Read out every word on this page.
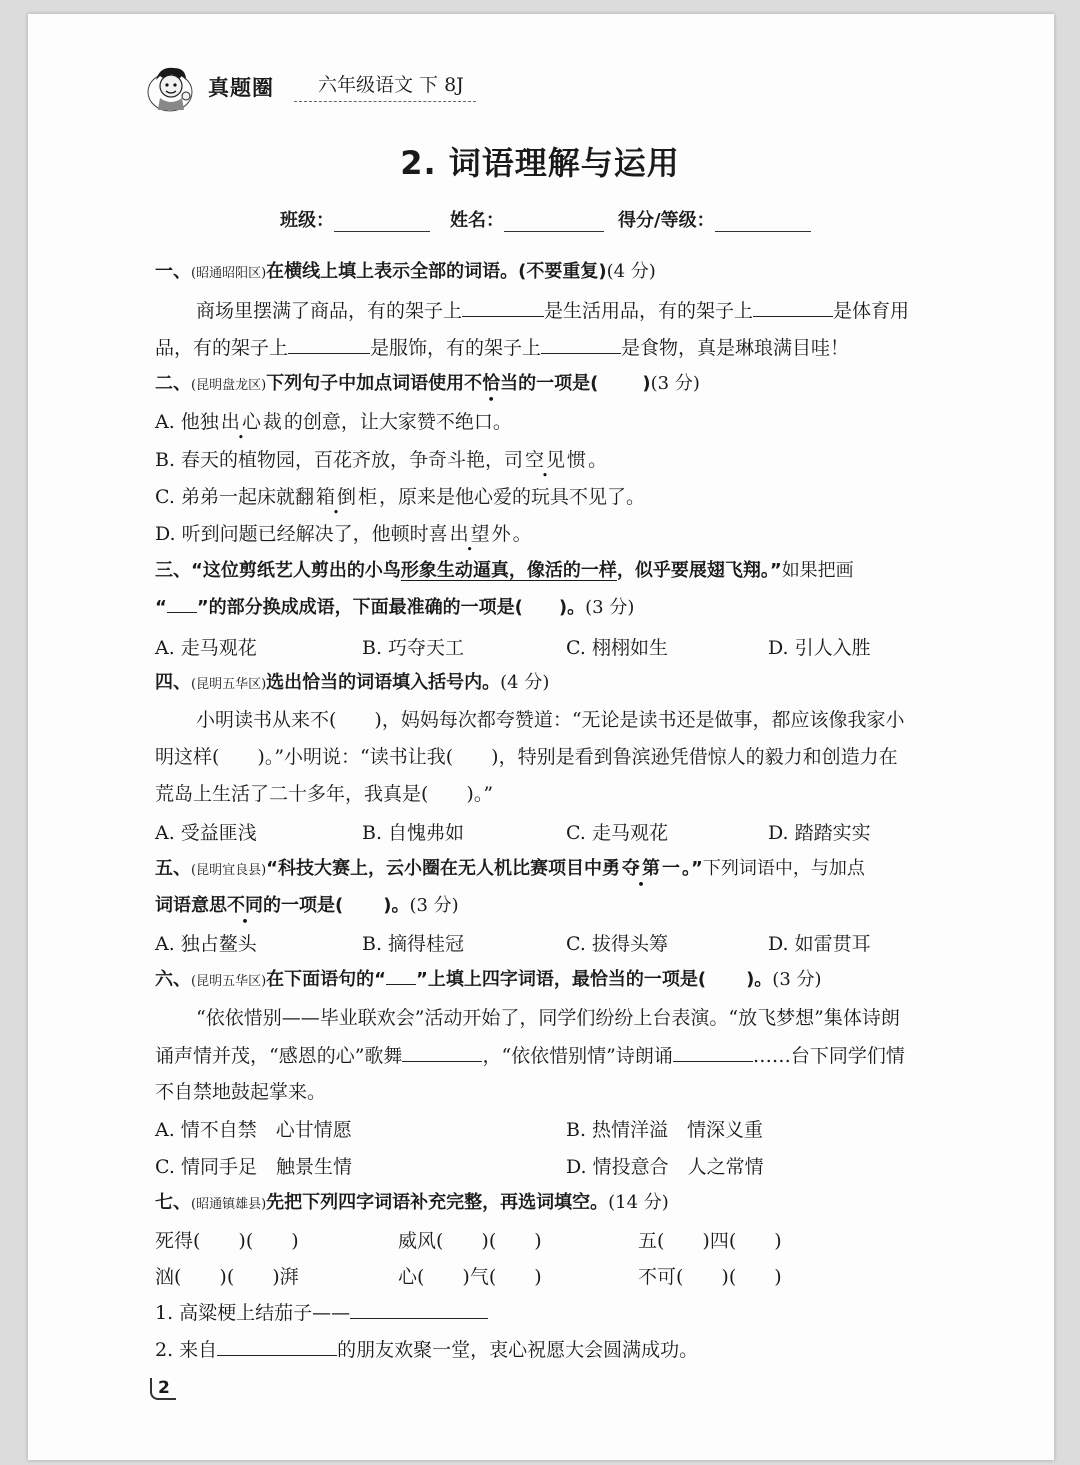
真题圈	六年级语文 下 8J
2. 词语理解与运用
班级：	姓名：	得分/等级：
一、(昭通昭阳区)在横线上填上表示全部的词语。(不要重复)(4 分)
商场里摆满了商品，有的架子上	是生活用品，有的架子上	是体育用
品，有的架子上	是服饰，有的架子上	是食物，真是琳琅满目哇！
二、(昆明盘龙区)下列句子中加点词语使用不恰当的一项是( )(3 分)
A. 他独出心裁的创意，让大家赞不绝口。
B. 春天的植物园，百花齐放，争奇斗艳，司空见惯。
C. 弟弟一起床就翻箱倒柜，原来是他心爱的玩具不见了。
D. 听到问题已经解决了，他顿时喜出望外。
三、“这位剪纸艺人剪出的小鸟形象生动逼真，像活的一样，似乎要展翅飞翔。”如果把画
“ ”的部分换成成语，下面最准确的一项是( )。(3 分)
A. 走马观花	B. 巧夺天工	C. 栩栩如生	D. 引人入胜
四、(昆明五华区)选出恰当的词语填入括号内。(4 分)
小明读书从来不(　　)，妈妈每次都夸赞道：“无论是读书还是做事，都应该像我家小
明这样(　　)。”小明说：“读书让我(　　)，特别是看到鲁滨逊凭借惊人的毅力和创造力在
荒岛上生活了二十多年，我真是(　　)。”
A. 受益匪浅	B. 自愧弗如	C. 走马观花	D. 踏踏实实
五、(昆明宜良县)“科技大赛上，云小圈在无人机比赛项目中勇夺第一。”下列词语中，与加点
词语意思不同的一项是( )。(3 分)
A. 独占鳌头	B. 摘得桂冠	C. 拔得头筹	D. 如雷贯耳
六、(昆明五华区)在下面语句的“ ”上填上四字词语，最恰当的一项是( )。(3 分)
“依依惜别——毕业联欢会”活动开始了，同学们纷纷上台表演。“放飞梦想”集体诗朗
诵声情并茂，“感恩的心”歌舞	，“依依惜别情”诗朗诵	……台下同学们情
不自禁地鼓起掌来。
A. 情不自禁　心甘情愿	B. 热情洋溢　情深义重
C. 情同手足　触景生情	D. 情投意合　人之常情
七、(昭通镇雄县)先把下列四字词语补充完整，再选词填空。(14 分)
死得(　　)(　　)	威风(　　)(　　)	五(　　)四(　　)
汹(　　)(　　)湃	心(　　)气(　　)	不可(　　)(　　)
1. 高粱梗上结茄子——
2. 来自	的朋友欢聚一堂，衷心祝愿大会圆满成功。
2
